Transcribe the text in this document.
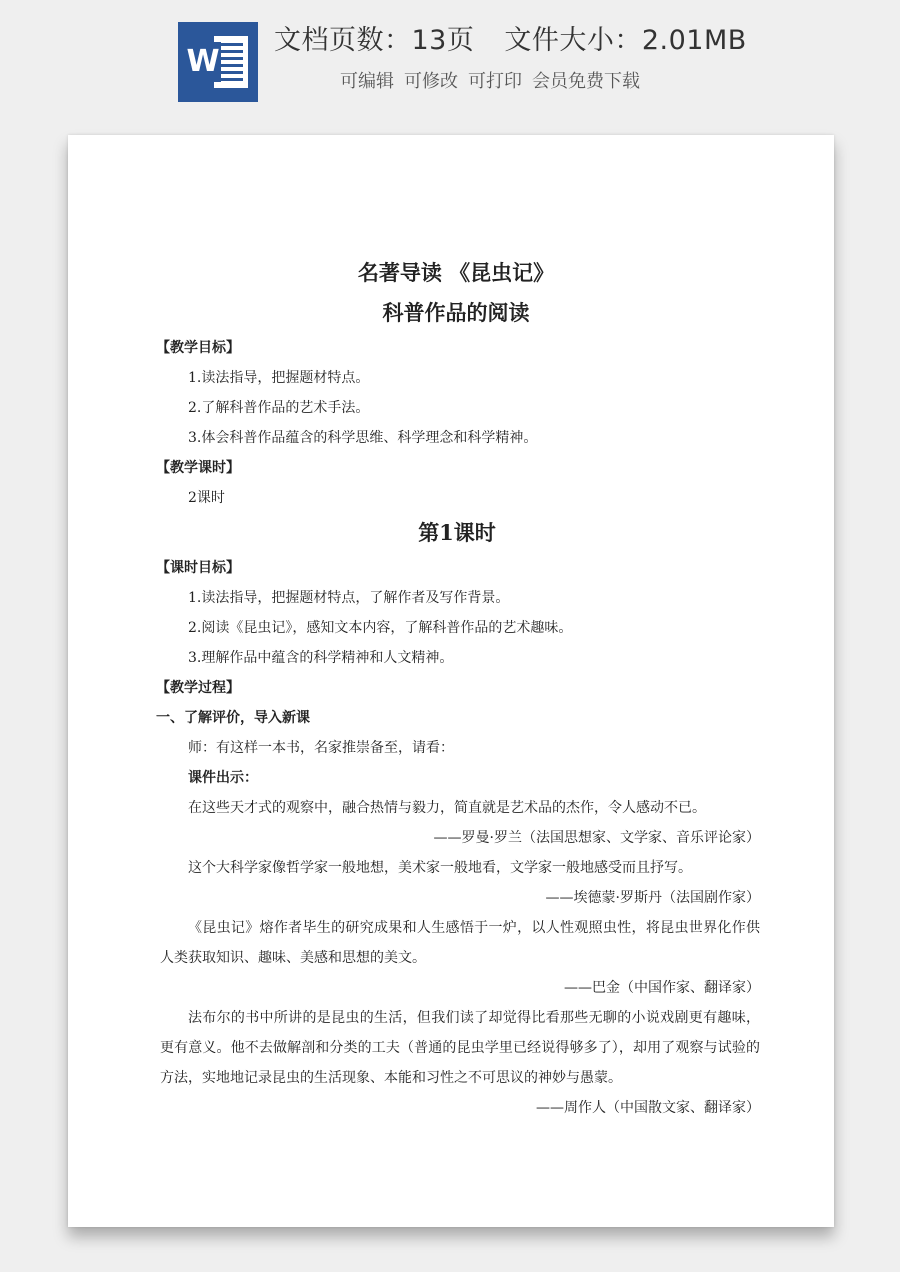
W
文档页数：13页 文件大小：2.01MB
可编辑 可修改 可打印 会员免费下载
名著导读 《昆虫记》
科普作品的阅读
【教学目标】
1.读法指导，把握题材特点。
2.了解科普作品的艺术手法。
3.体会科普作品蕴含的科学思维、科学理念和科学精神。
【教学课时】
2课时
第1课时
【课时目标】
1.读法指导，把握题材特点，了解作者及写作背景。
2.阅读《昆虫记》，感知文本内容，了解科普作品的艺术趣味。
3.理解作品中蕴含的科学精神和人文精神。
【教学过程】
一、了解评价，导入新课
师：有这样一本书，名家推崇备至，请看：
课件出示：
在这些天才式的观察中，融合热情与毅力，简直就是艺术品的杰作，令人感动不已。
——罗曼·罗兰（法国思想家、文学家、音乐评论家）
这个大科学家像哲学家一般地想，美术家一般地看，文学家一般地感受而且抒写。
——埃德蒙·罗斯丹（法国剧作家）
《昆虫记》熔作者毕生的研究成果和人生感悟于一炉，以人性观照虫性，将昆虫世界化作供人类获取知识、趣味、美感和思想的美文。
——巴金（中国作家、翻译家）
法布尔的书中所讲的是昆虫的生活，但我们读了却觉得比看那些无聊的小说戏剧更有趣味，更有意义。他不去做解剖和分类的工夫（普通的昆虫学里已经说得够多了），却用了观察与试验的方法，实地地记录昆虫的生活现象、本能和习性之不可思议的神妙与愚蒙。
——周作人（中国散文家、翻译家）
